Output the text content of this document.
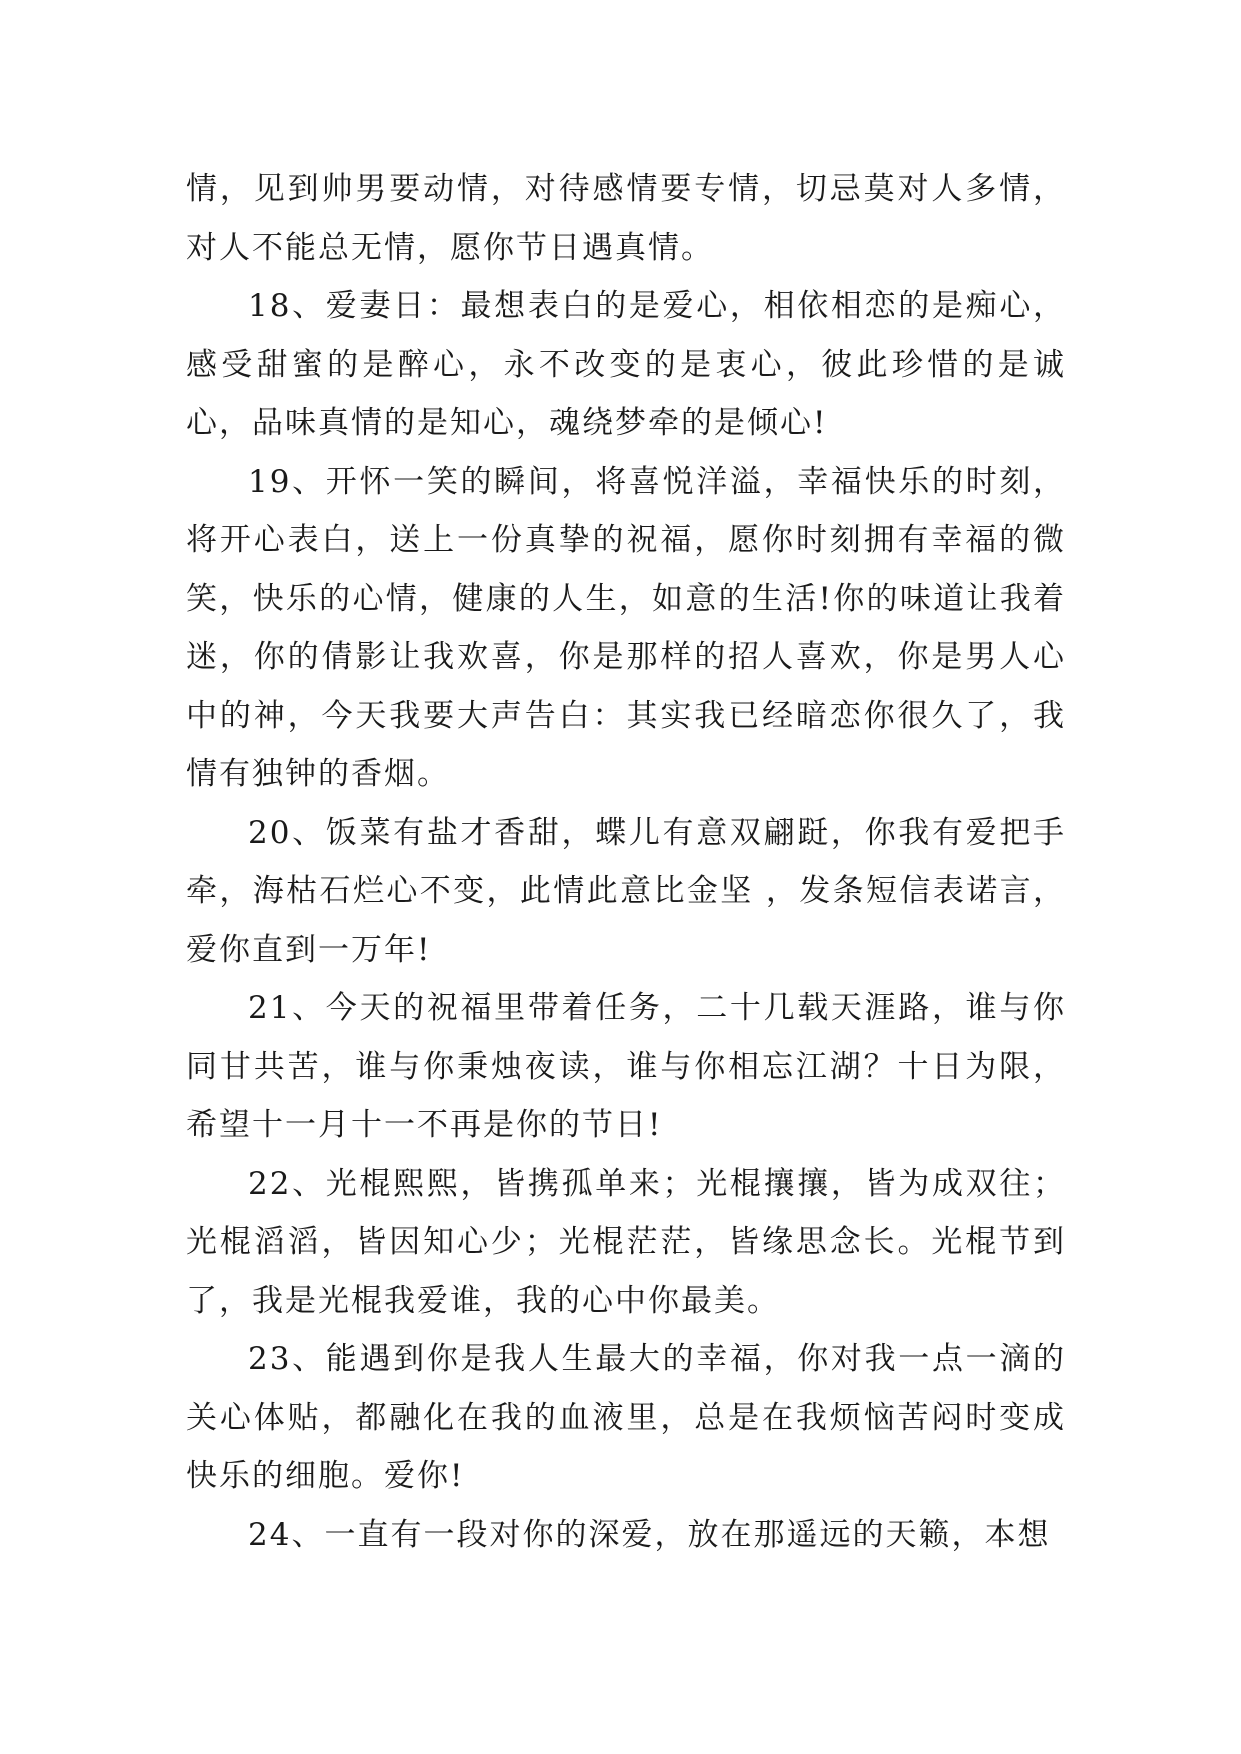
情，见到帅男要动情，对待感情要专情，切忌莫对人多情，对人不能总无情，愿你节日遇真情。

18、爱妻日：最想表白的是爱心，相依相恋的是痴心，感受甜蜜的是醉心，永不改变的是衷心，彼此珍惜的是诚心，品味真情的是知心，魂绕梦牵的是倾心!

19、开怀一笑的瞬间，将喜悦洋溢，幸福快乐的时刻，将开心表白，送上一份真挚的祝福，愿你时刻拥有幸福的微笑，快乐的心情，健康的人生，如意的生活!你的味道让我着迷，你的倩影让我欢喜，你是那样的招人喜欢，你是男人心中的神，今天我要大声告白：其实我已经暗恋你很久了，我情有独钟的香烟。

20、饭菜有盐才香甜，蝶儿有意双翩跹，你我有爱把手牵，海枯石烂心不变，此情此意比金坚 ，发条短信表诺言，爱你直到一万年!

21、今天的祝福里带着任务，二十几载天涯路，谁与你同甘共苦，谁与你秉烛夜读，谁与你相忘江湖？十日为限，希望十一月十一不再是你的节日!

22、光棍熙熙，皆携孤单来；光棍攘攘，皆为成双往；光棍滔滔，皆因知心少；光棍茫茫，皆缘思念长。光棍节到了，我是光棍我爱谁，我的心中你最美。

23、能遇到你是我人生最大的幸福，你对我一点一滴的关心体贴，都融化在我的血液里，总是在我烦恼苦闷时变成快乐的细胞。爱你!

24、一直有一段对你的深爱，放在那遥远的天籁，本想
